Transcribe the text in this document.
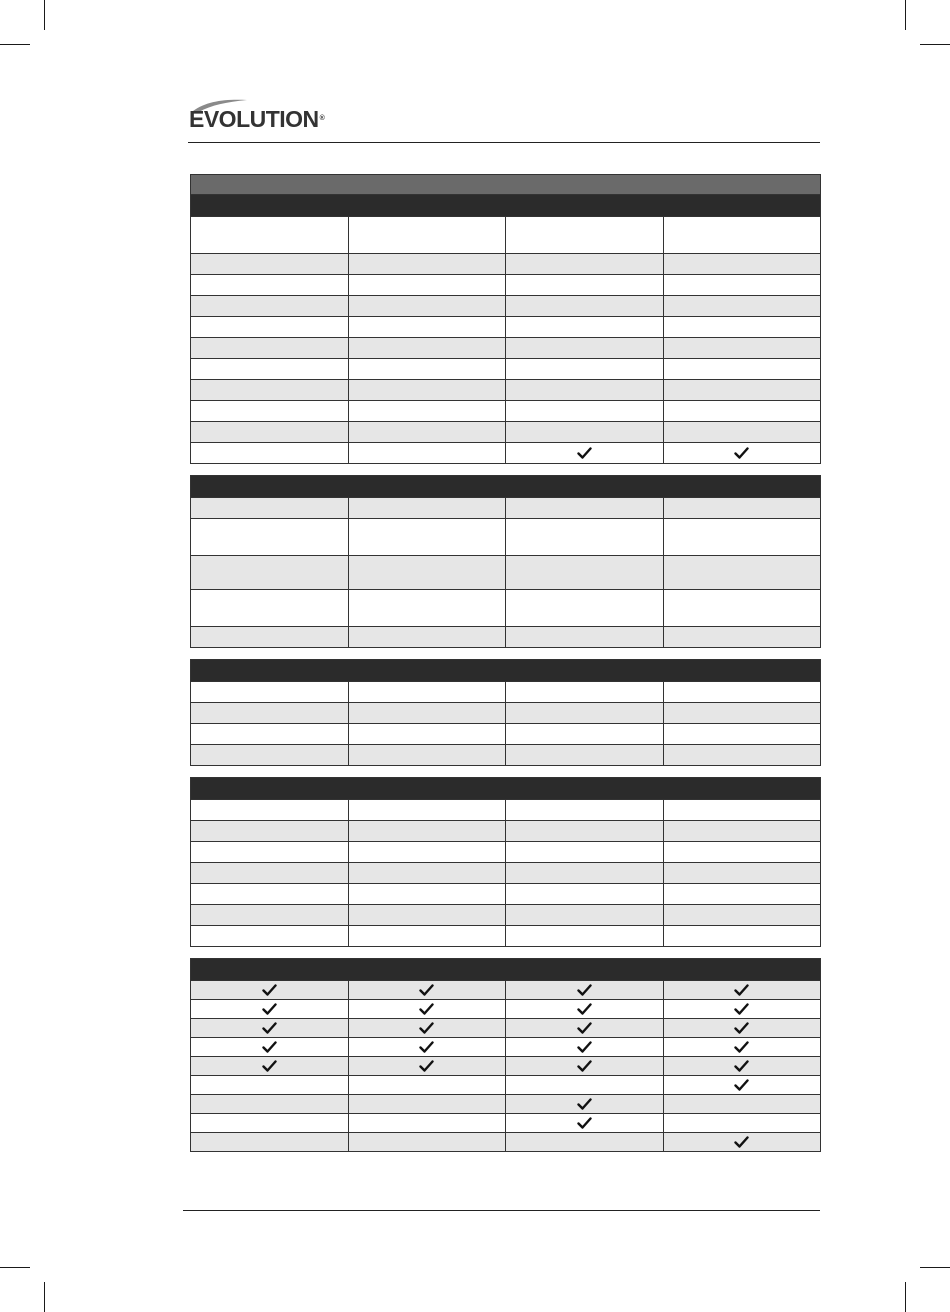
EVOLUTION®
